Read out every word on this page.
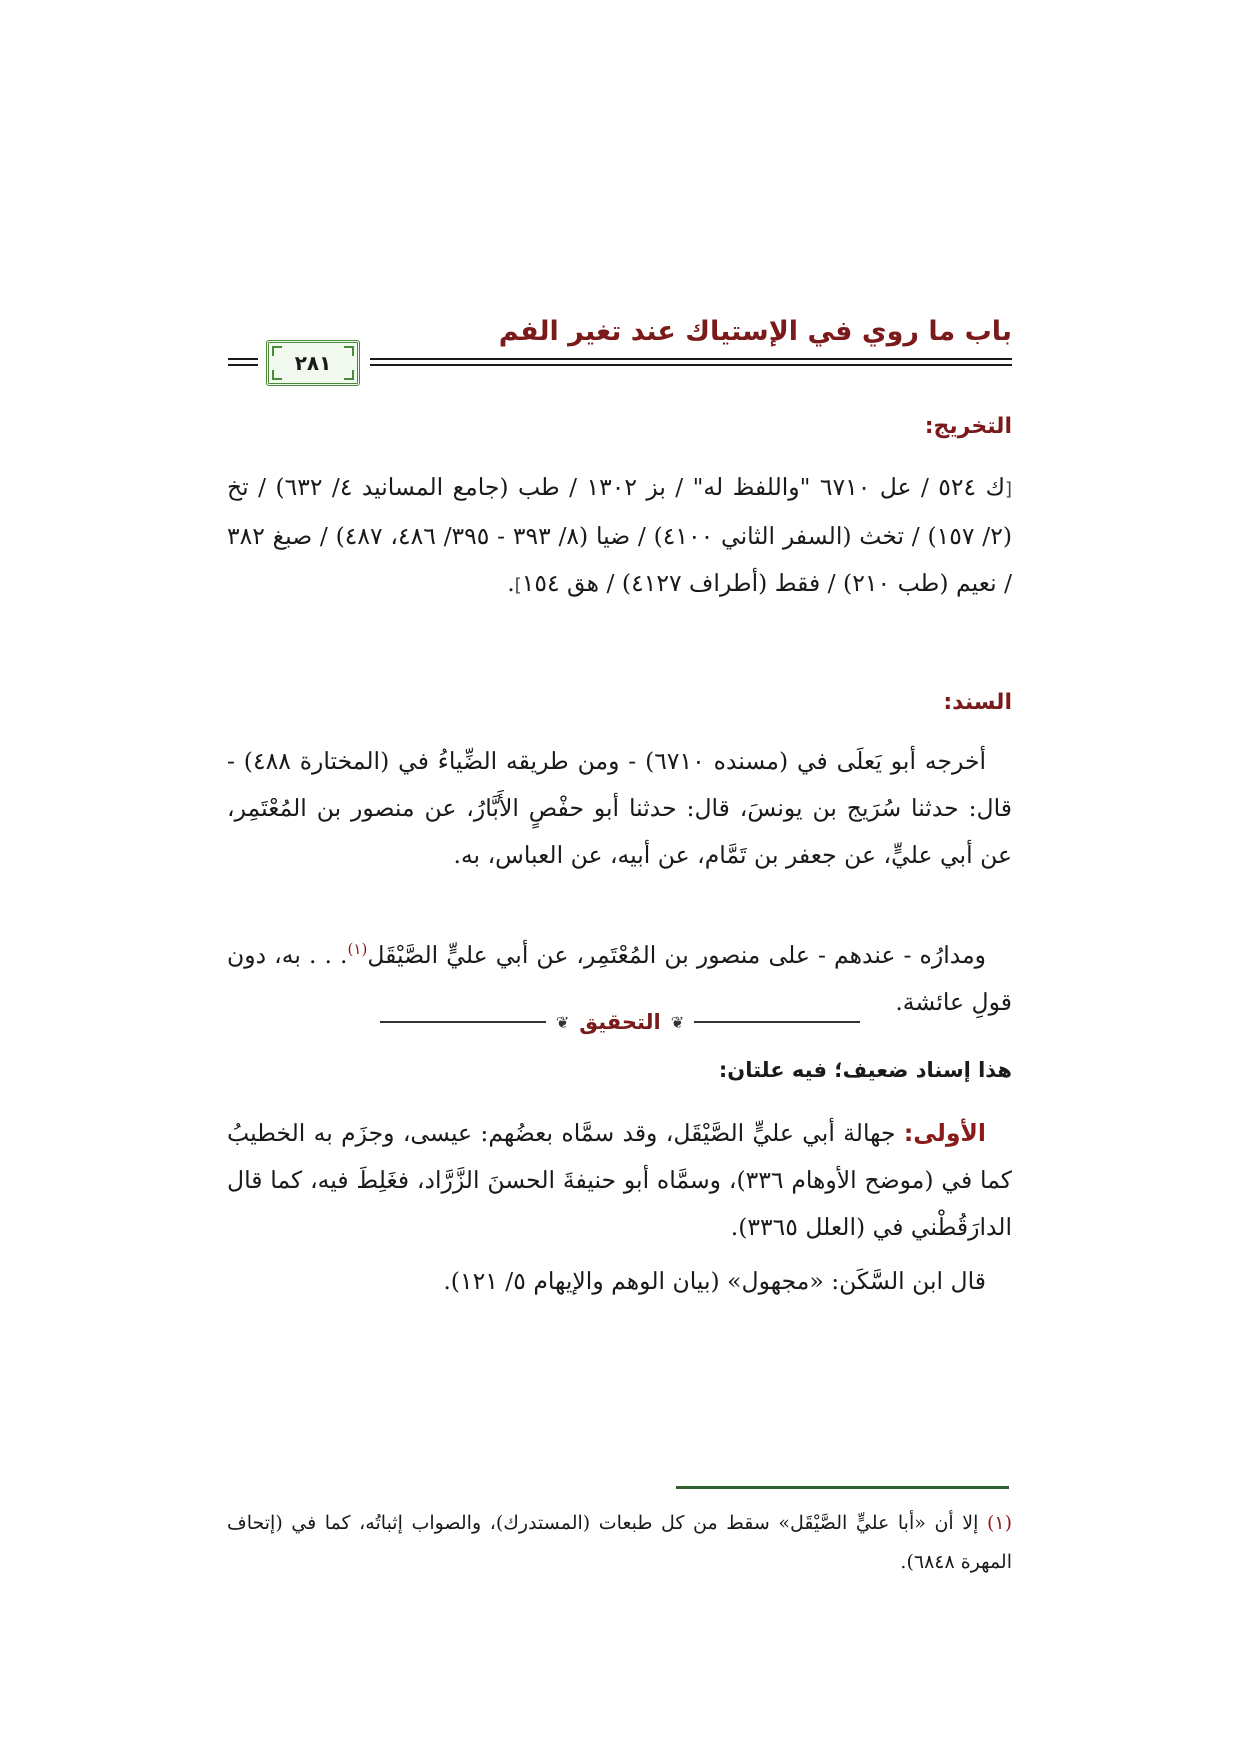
باب ما روي في الإستياك عند تغير الفم
٢٨١
التخريج:
[ك ٥٢٤ / عل ٦٧١٠ "واللفظ له" / بز ١٣٠٢ / طب (جامع المسانيد ٤/ ٦٣٢) / تخ (٢/ ١٥٧) / تخث (السفر الثاني ٤١٠٠) / ضيا (٨/ ٣٩٣ - ٣٩٥/ ٤٨٦، ٤٨٧) / صبغ ٣٨٢ / نعيم (طب ٢١٠) / فقط (أطراف ٤١٢٧) / هق ١٥٤].
السند:
أخرجه أبو يَعلَى في (مسنده ٦٧١٠) - ومن طريقه الضِّياءُ في (المختارة ٤٨٨) - قال: حدثنا سُرَيج بن يونسَ، قال: حدثنا أبو حفْصٍ الأَبَّارُ، عن منصور بن المُعْتَمِر، عن أبي عليٍّ، عن جعفر بن تَمَّام، عن أبيه، عن العباس، به.
ومدارُه - عندهم - على منصور بن المُعْتَمِر، عن أبي عليٍّ الصَّيْقَل$^{(١)}$. . . به، دون قولِ عائشة.
❦
التحقيق
❦
هذا إسناد ضعيف؛ فيه علتان:
الأولى: جهالة أبي عليٍّ الصَّيْقَل، وقد سمَّاه بعضُهم: عيسى، وجزَم به الخطيبُ كما في (موضح الأوهام ٣٣٦)، وسمَّاه أبو حنيفةَ الحسنَ الزَّرَّاد، فغَلِطَ فيه، كما قال الدارَقُطْني في (العلل ٣٣٦٥).
قال ابن السَّكَن: «مجهول» (بيان الوهم والإيهام ٥/ ١٢١).
(١) إلا أن «أبا عليٍّ الصَّيْقَل» سقط من كل طبعات (المستدرك)، والصواب إثباتُه، كما في (إتحاف المهرة ٦٨٤٨).
